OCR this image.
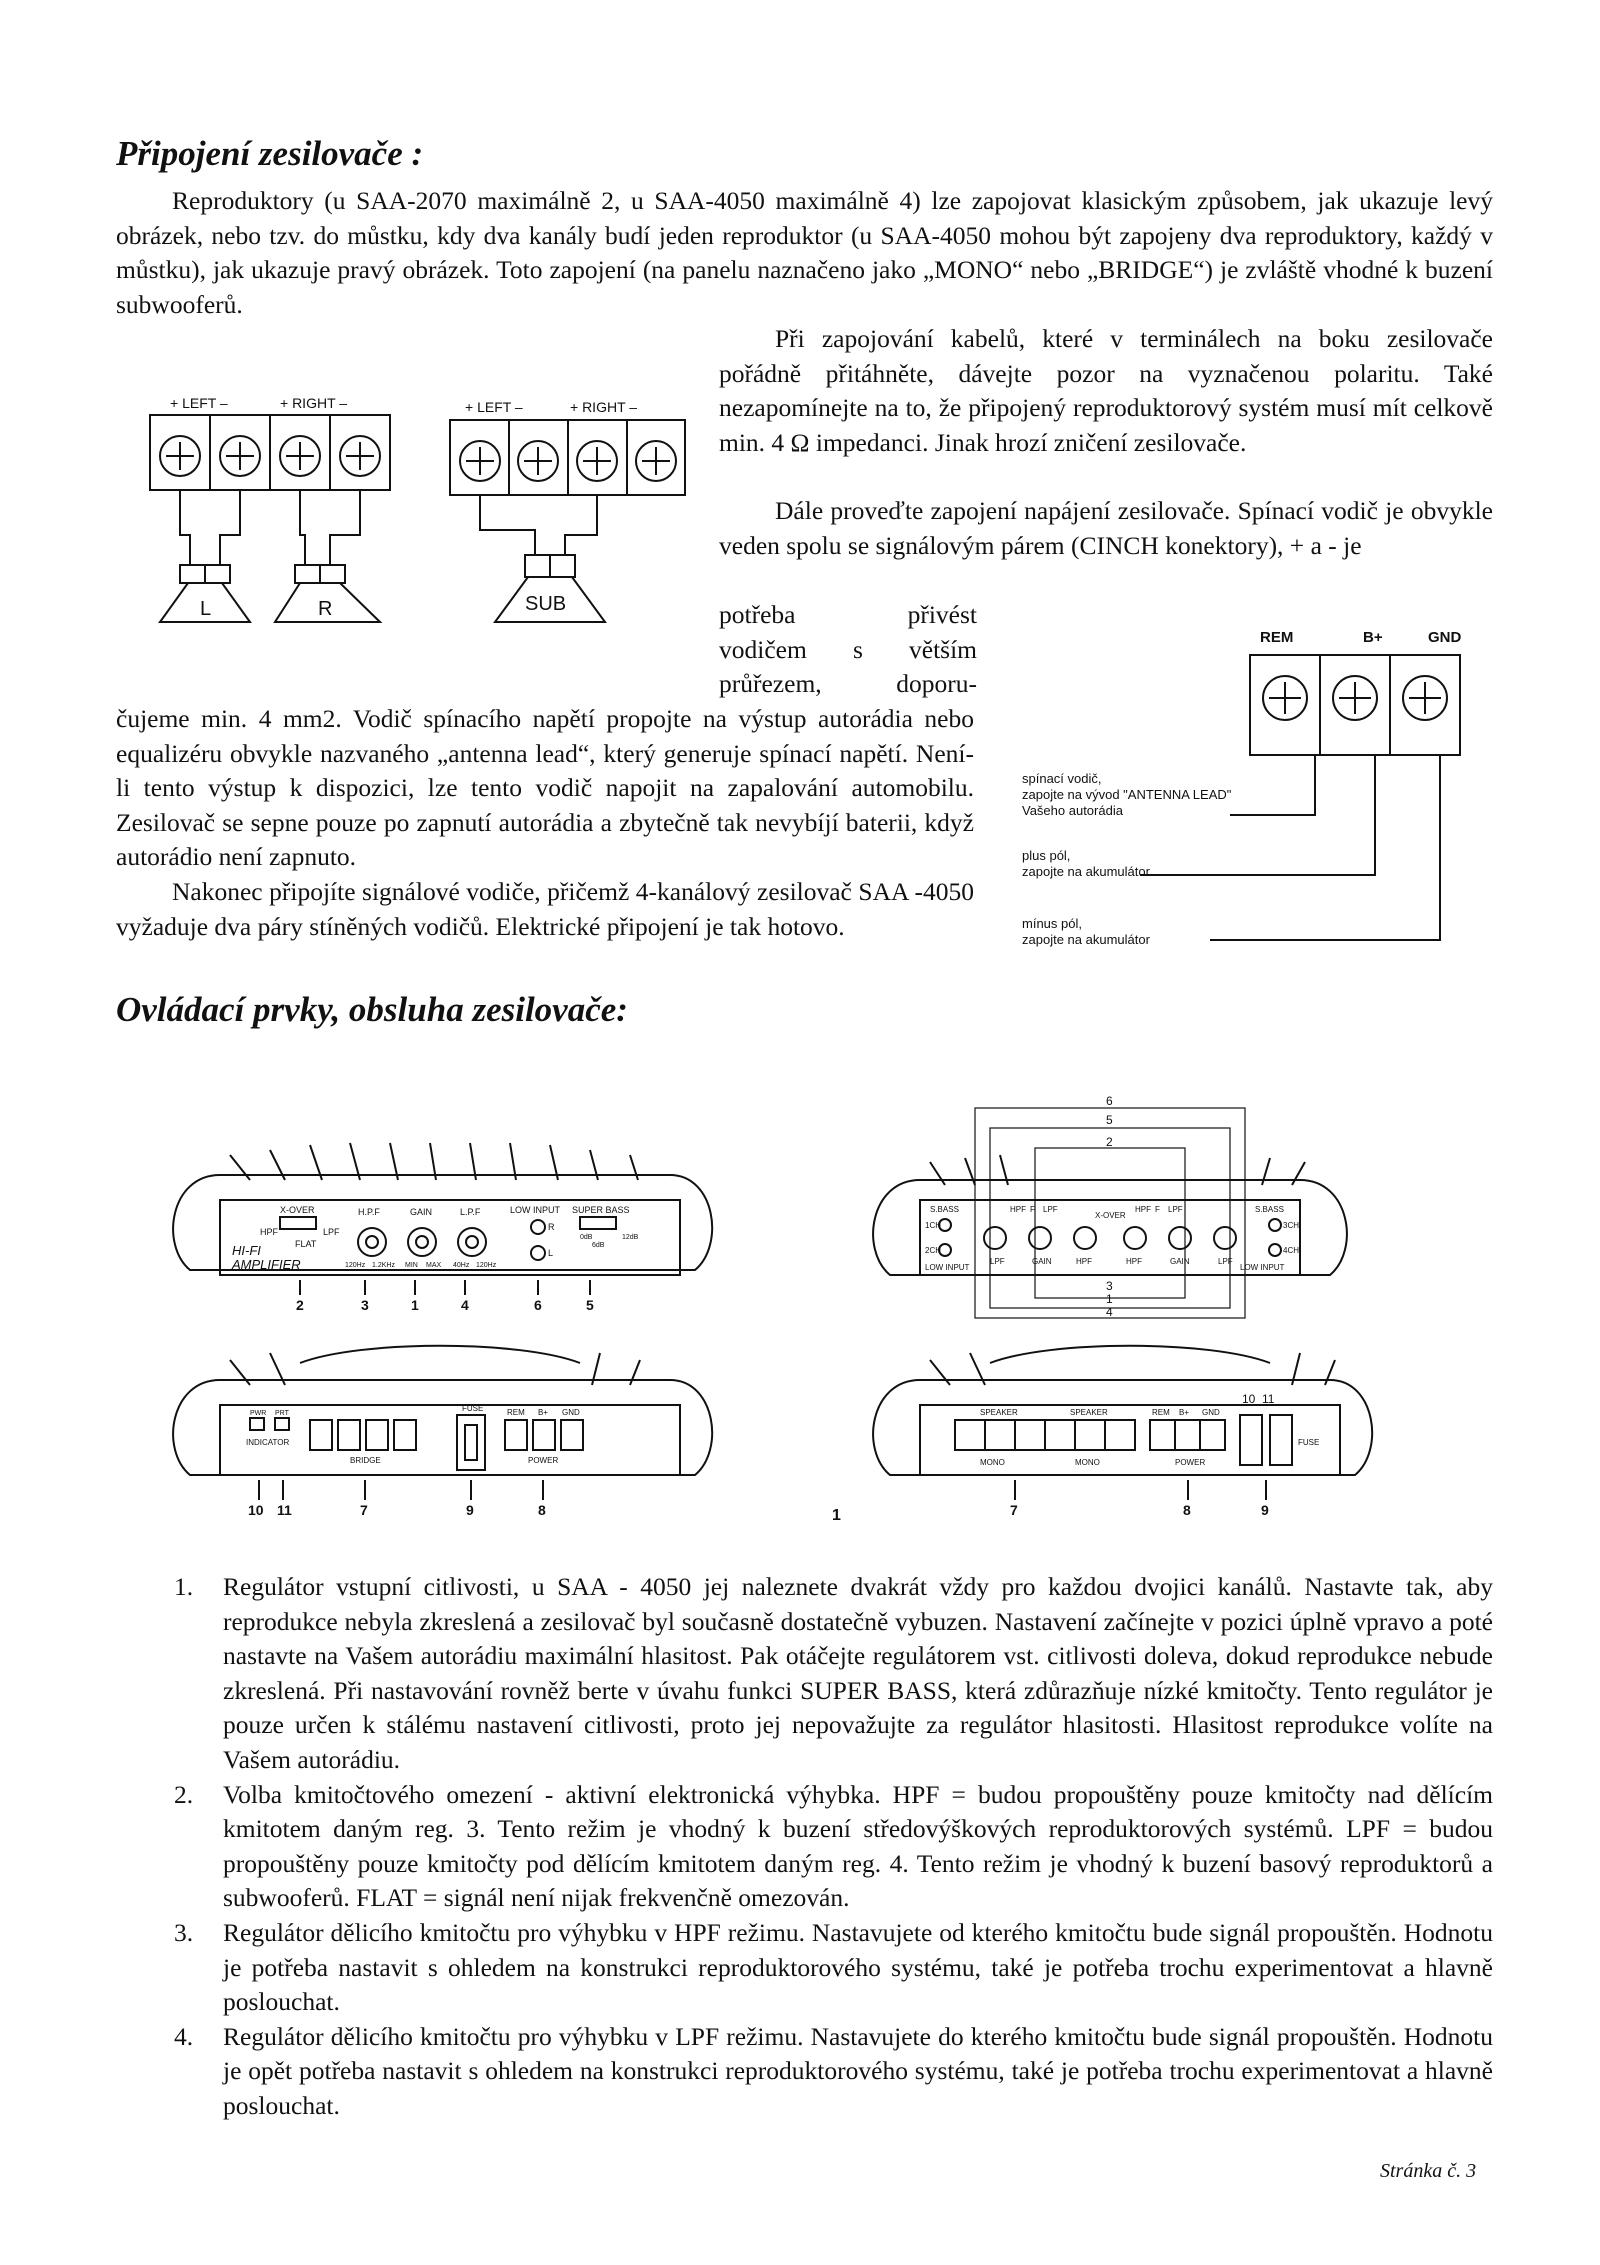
Připojení zesilovače :

Reproduktory (u SAA-2070 maximálně 2, u SAA-4050 maximálně 4) lze zapojovat klasickým způsobem, jak ukazuje levý obrázek, nebo tzv. do můstku, kdy dva kanály budí jeden reproduktor (u SAA-4050 mohou být zapojeny dva reproduktory, každý v můstku), jak ukazuje pravý obrázek. Toto zapojení (na panelu naznačeno jako „MONO“ nebo „BRIDGE“) je zvláště vhodné k buzení subwooferů.

Při zapojování kabelů, které v terminálech na boku zesilovače pořádně přitáhněte, dávejte pozor na vyznačenou polaritu. Také nezapomínejte na to, že připojený reproduktorový systém musí mít celkově min. 4 Ω impedanci. Jinak hrozí zničení zesilovače.

Dále proveďte zapojení napájení zesilovače. Spínací vodič je obvykle veden spolu se signálovým párem (CINCH konektory), + a - je

potřeba přivést
vodičem s větším
průřezem, doporu-

čujeme min. 4 mm2. Vodič spínacího napětí propojte na výstup autorádia nebo equalizéru obvykle nazvaného „antenna lead“, který generuje spínací napětí. Není-li tento výstup k dispozici, lze tento vodič napojit na zapalování automobilu. Zesilovač se sepne pouze po zapnutí autorádia a zbytečně tak nevybíjí baterii, když autorádio není zapnuto.

Nakonec připojíte signálové vodiče, přičemž 4-kanálový zesilovač SAA -4050 vyžaduje dva páry stíněných vodičů. Elektrické připojení je tak hotovo.

+ LEFT –	+ RIGHT –
L	R
+ LEFT –	+ RIGHT –
SUB
REM	B+	GND
spínací vodič,
zapojte na vývod "ANTENNA LEAD"
Vašeho autorádia
plus pól,
zapojte na akumulátor
mínus pól,
zapojte na akumulátor
Ovládací prvky, obsluha zesilovače:
X-OVER	H.P.F	GAIN	L.P.F	LOW INPUT SUPER BASS
HPF	LPF
FLAT
120Hz 1.2KHz MIN MAX 40Hz 120Hz
0dB
6dB
12dB
R
L
HI-FI
AMPLIFIER
2	3	1	4	6	5
6
5
2
3
1
4
S.BASS	HPF F LPF
X-OVER
HPF F LPF	S.BASS
1CH
2CH
3CH
4CH
LOW INPUT	LOW INPUT
LPF	GAIN	HPF	HPF	GAIN	LPF
FUSE	REM B+ GND
INDICATOR
BRIDGE	POWER
PWR PRT
10 11	7	9	8
SPEAKER	SPEAKER	REM B+ GND
POWER
MONO	MONO
FUSE
10 11
7	8	9
1
1. Regulátor vstupní citlivosti, u SAA - 4050 jej naleznete dvakrát vždy pro každou dvojici kanálů. Nastavte tak, aby reprodukce nebyla zkreslená a zesilovač byl současně dostatečně vybuzen. Nastavení začínejte v pozici úplně vpravo a poté nastavte na Vašem autorádiu maximální hlasitost. Pak otáčejte regulátorem vst. citlivosti doleva, dokud reprodukce nebude zkreslená. Při nastavování rovněž berte v úvahu funkci SUPER BASS, která zdůrazňuje nízké kmitočty. Tento regulátor je pouze určen k stálému nastavení citlivosti, proto jej nepovažujte za regulátor hlasitosti. Hlasitost reprodukce volíte na Vašem autorádiu.
2. Volba kmitočtového omezení - aktivní elektronická výhybka. HPF = budou propouštěny pouze kmitočty nad dělícím kmitotem daným reg. 3. Tento režim je vhodný k buzení středovýškových reproduktorových systémů. LPF = budou propouštěny pouze kmitočty pod dělícím kmitotem daným reg. 4. Tento režim je vhodný k buzení basový reproduktorů a subwooferů. FLAT = signál není nijak frekvenčně omezován.
3. Regulátor dělicího kmitočtu pro výhybku v HPF režimu. Nastavujete od kterého kmitočtu bude signál propouštěn. Hodnotu je potřeba nastavit s ohledem na konstrukci reproduktorového systému, také je potřeba trochu experimentovat a hlavně poslouchat.
4. Regulátor dělicího kmitočtu pro výhybku v LPF režimu. Nastavujete do kterého kmitočtu bude signál propouštěn. Hodnotu je opět potřeba nastavit s ohledem na konstrukci reproduktorového systému, také je potřeba trochu experimentovat a hlavně poslouchat.
Stránka č. 3
